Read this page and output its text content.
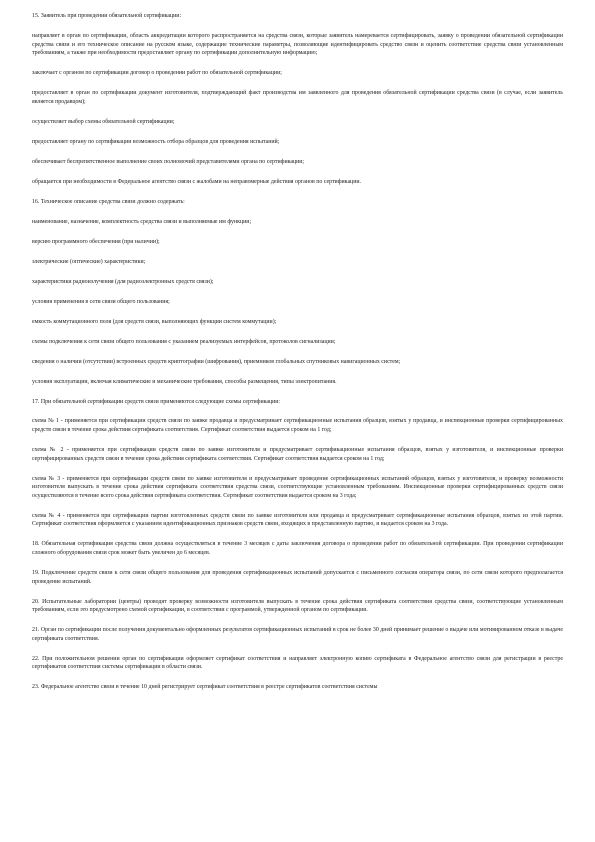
15. Заявитель при проведении обязательной сертификации:

направляет в орган по сертификации, область аккредитации которого распространяется на средства связи, которые заявитель намеревается сертифицировать, заявку о проведении обязательной сертификации средства связи и его техническое описание на русском языке, содержащие технические параметры, позволяющие идентифицировать средство связи и оценить соответствие средства связи установленным требованиям, а также при необходимости предоставляет органу по сертификации дополнительную информацию;

заключает с органом по сертификации договор о проведении работ по обязательной сертификации;

предоставляет в орган по сертификации документ изготовителя, подтверждающий факт производства им заявленного для проведения обязательной сертификации средства связи (в случае, если заявитель является продавцом);

осуществляет выбор схемы обязательной сертификации;

предоставляет органу по сертификации возможность отбора образцов для проведения испытаний;

обеспечивает беспрепятственное выполнение своих полномочий представителями органа по сертификации;

обращается при необходимости в Федеральное агентство связи с жалобами на неправомерные действия органов по сертификации.

16. Техническое описание средства связи должно содержать:

наименование, назначение, комплектность средства связи и выполняемые им функции;

версию программного обеспечения (при наличии);

электрические (оптические) характеристики;

характеристики радиоизлучения (для радиоэлектронных средств связи);

условия применения в сети связи общего пользования;

емкость коммутационного поля (для средств связи, выполняющих функции систем коммутации);

схемы подключения к сети связи общего пользования с указанием реализуемых интерфейсов, протоколов сигнализации;

сведения о наличии (отсутствии) встроенных средств криптографии (шифрования), приемников глобальных спутниковых навигационных систем;

условия эксплуатации, включая климатические и механические требования, способы размещения, типы электропитания.

17. При обязательной сертификации средств связи применяются следующие схемы сертификации:

схема № 1 - применяется при сертификации средств связи по заявке продавца и предусматривает сертификационные испытания образцов, взятых у продавца, и инспекционные проверки сертифицированных средств связи в течение срока действия сертификата соответствия. Сертификат соответствия выдается сроком на 1 год;

схема № 2 - применяется при сертификации средств связи по заявке изготовителя и предусматривает сертификационные испытания образцов, взятых у изготовителя, и инспекционные проверки сертифицированных средств связи в течение срока действия сертификата соответствия. Сертификат соответствия выдается сроком на 1 год;

схема № 3 - применяется при сертификации средств связи по заявке изготовителя и предусматривает проведение сертификационных испытаний образцов, взятых у изготовителя, и проверку возможности изготовителя выпускать в течение срока действия сертификата соответствия средства связи, соответствующие установленным требованиям. Инспекционные проверки сертифицированных средств связи осуществляются в течение всего срока действия сертификата соответствия. Сертификат соответствия выдается сроком на 3 года;

схема № 4 - применяется при сертификации партии изготовленных средств связи по заявке изготовителя или продавца и предусматривает сертификационные испытания образцов, взятых из этой партии. Сертификат соответствия оформляется с указанием идентификационных признаков средств связи, входящих в представленную партию, и выдается сроком на 3 года.

18. Обязательная сертификация средства связи должна осуществляться в течение 3 месяцев с даты заключения договора о проведении работ по обязательной сертификации. При проведении сертификации сложного оборудования связи срок может быть увеличен до 6 месяцев.

19. Подключение средств связи к сети связи общего пользования для проведения сертификационных испытаний допускается с письменного согласия оператора связи, по сети связи которого предполагается проведение испытаний.

20. Испытательные лаборатории (центры) проводят проверку возможности изготовителя выпускать в течение срока действия сертификата соответствия средства связи, соответствующие установленным требованиям, если это предусмотрено схемой сертификации, в соответствии с программой, утвержденной органом по сертификации.

21. Орган по сертификации после получения документально оформленных результатов сертификационных испытаний в срок не более 30 дней принимает решение о выдаче или мотивированном отказе в выдаче сертификата соответствия.

22. При положительном решении орган по сертификации оформляет сертификат соответствия и направляет электронную копию сертификата в Федеральное агентство связи для регистрации в реестре сертификатов соответствия системы сертификации в области связи.

23. Федеральное агентство связи в течение 10 дней регистрирует сертификат соответствия в реестре сертификатов соответствия системы
